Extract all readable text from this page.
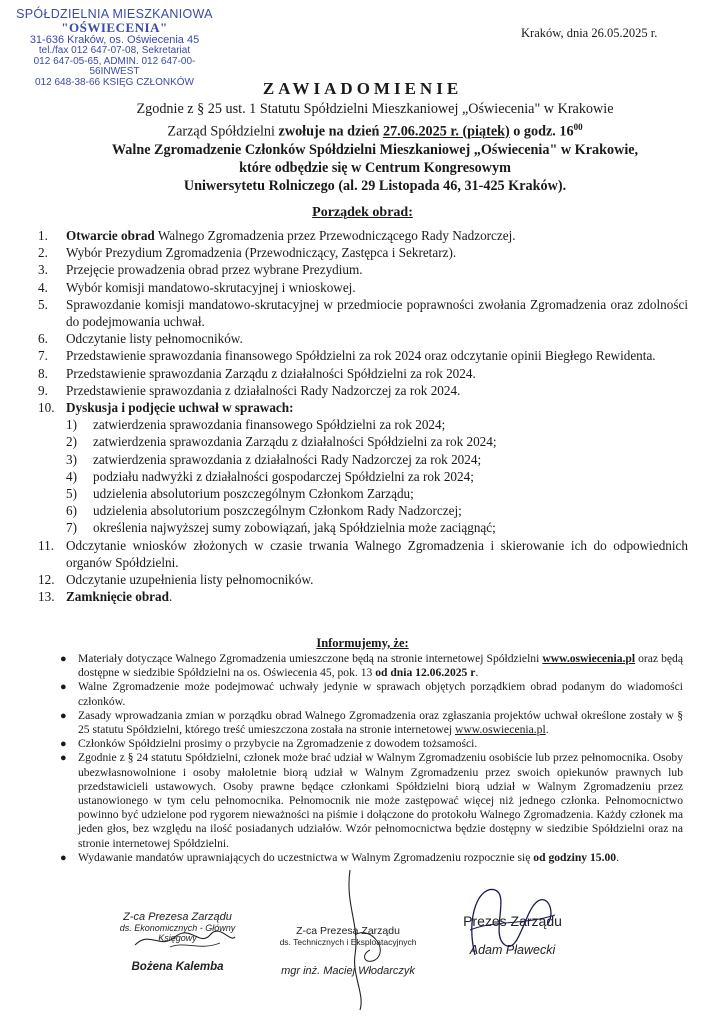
SPÓŁDZIELNIA MIESZKANIOWA
"OŚWIECENIA"
31-636 Kraków, os. Oświecenia 45
tel./fax 012 647-07-08, Sekretariat
012 647-05-65, ADMIN. 012 647-00-56INWEST
012 648-38-66 KSIĘG CZŁONKÓW
Kraków, dnia 26.05.2025 r.
ZAWIADOMIENIE
Zgodnie z § 25 ust. 1 Statutu Spółdzielni Mieszkaniowej „Oświecenia" w Krakowie
Zarząd Spółdzielni zwołuje na dzień 27.06.2025 r. (piątek) o godz. $16^{00}$
Walne Zgromadzenie Członków Spółdzielni Mieszkaniowej „Oświecenia" w Krakowie,
które odbędzie się w Centrum Kongresowym
Uniwersytetu Rolniczego (al. 29 Listopada 46, 31-425 Kraków).
Porządek obrad:
1. Otwarcie obrad Walnego Zgromadzenia przez Przewodniczącego Rady Nadzorczej.
2. Wybór Prezydium Zgromadzenia (Przewodniczący, Zastępca i Sekretarz).
3. Przejęcie prowadzenia obrad przez wybrane Prezydium.
4. Wybór komisji mandatowo-skrutacyjnej i wnioskowej.
5. Sprawozdanie komisji mandatowo-skrutacyjnej w przedmiocie poprawności zwołania Zgromadzenia oraz zdolności do podejmowania uchwał.
6. Odczytanie listy pełnomocników.
7. Przedstawienie sprawozdania finansowego Spółdzielni za rok 2024 oraz odczytanie opinii Biegłego Rewidenta.
8. Przedstawienie sprawozdania Zarządu z działalności Spółdzielni za rok 2024.
9. Przedstawienie sprawozdania z działalności Rady Nadzorczej za rok 2024.
10. Dyskusja i podjęcie uchwał w sprawach:
1) zatwierdzenia sprawozdania finansowego Spółdzielni za rok 2024;
2) zatwierdzenia sprawozdania Zarządu z działalności Spółdzielni za rok 2024;
3) zatwierdzenia sprawozdania z działalności Rady Nadzorczej za rok 2024;
4) podziału nadwyżki z działalności gospodarczej Spółdzielni za rok 2024;
5) udzielenia absolutorium poszczególnym Członkom Zarządu;
6) udzielenia absolutorium poszczególnym Członkom Rady Nadzorczej;
7) określenia najwyższej sumy zobowiązań, jaką Spółdzielnia może zaciągnąć;
11. Odczytanie wniosków złożonych w czasie trwania Walnego Zgromadzenia i skierowanie ich do odpowiednich organów Spółdzielni.
12. Odczytanie uzupełnienia listy pełnomocników.
13. Zamknięcie obrad.
Informujemy, że:
● Materiały dotyczące Walnego Zgromadzenia umieszczone będą na stronie internetowej Spółdzielni www.oswiecenia.pl oraz będą dostępne w siedzibie Spółdzielni na os. Oświecenia 45, pok. 13 od dnia 12.06.2025 r.
● Walne Zgromadzenie może podejmować uchwały jedynie w sprawach objętych porządkiem obrad podanym do wiadomości członków.
● Zasady wprowadzania zmian w porządku obrad Walnego Zgromadzenia oraz zgłaszania projektów uchwał określone zostały w § 25 statutu Spółdzielni, którego treść umieszczona została na stronie internetowej www.oswiecenia.pl.
● Członków Spółdzielni prosimy o przybycie na Zgromadzenie z dowodem tożsamości.
● Zgodnie z § 24 statutu Spółdzielni, członek może brać udział w Walnym Zgromadzeniu osobiście lub przez pełnomocnika. Osoby ubezwłasnowolnione i osoby małoletnie biorą udział w Walnym Zgromadzeniu przez swoich opiekunów prawnych lub przedstawicieli ustawowych. Osoby prawne będące członkami Spółdzielni biorą udział w Walnym Zgromadzeniu przez ustanowionego w tym celu pełnomocnika. Pełnomocnik nie może zastępować więcej niż jednego członka. Pełnomocnictwo powinno być udzielone pod rygorem nieważności na piśmie i dołączone do protokołu Walnego Zgromadzenia. Każdy członek ma jeden głos, bez względu na ilość posiadanych udziałów. Wzór pełnomocnictwa będzie dostępny w siedzibie Spółdzielni oraz na stronie internetowej Spółdzielni.
● Wydawanie mandatów uprawniających do uczestnictwa w Walnym Zgromadzeniu rozpocznie się od godziny 15.00.
Z-ca Prezesa Zarządu
ds. Ekonomicznych - Główny Księgowy
Bożena Kalemba
Z-ca Prezesa Zarządu
ds. Technicznych i Eksploatacyjnych
mgr inż. Maciej Włodarczyk
Prezes Zarządu
Adam Pławecki
